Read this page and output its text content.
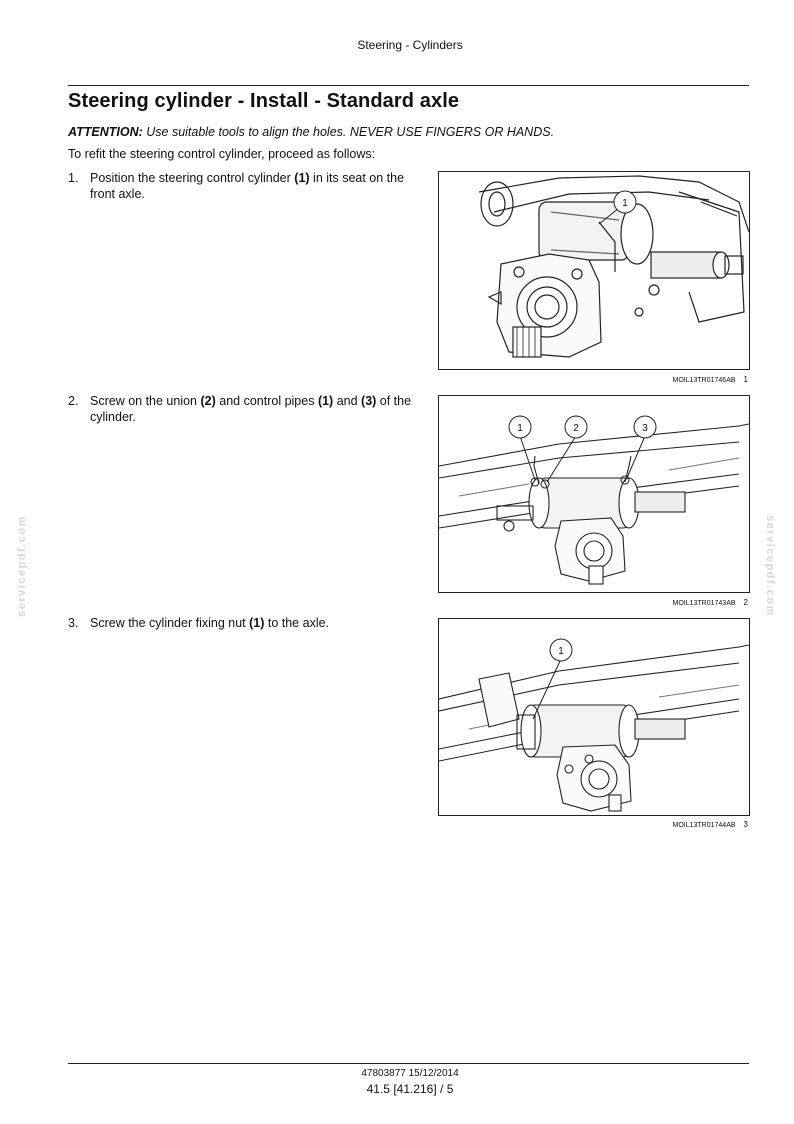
Steering - Cylinders
Steering cylinder - Install - Standard axle
ATTENTION: Use suitable tools to align the holes. NEVER USE FINGERS OR HANDS.
To refit the steering control cylinder, proceed as follows:
1. Position the steering control cylinder (1) in its seat on the front axle.
2. Screw on the union (2) and control pipes (1) and (3) of the cylinder.
3. Screw the cylinder fixing nut (1) to the axle.
1
MOIL13TR01746AB 1
1	2	3
MOIL13TR01743AB 2
1
MOIL13TR01744AB 3
servicepdf.com	servicepdf.com
47803877 15/12/2014
41.5 [41.216] / 5
